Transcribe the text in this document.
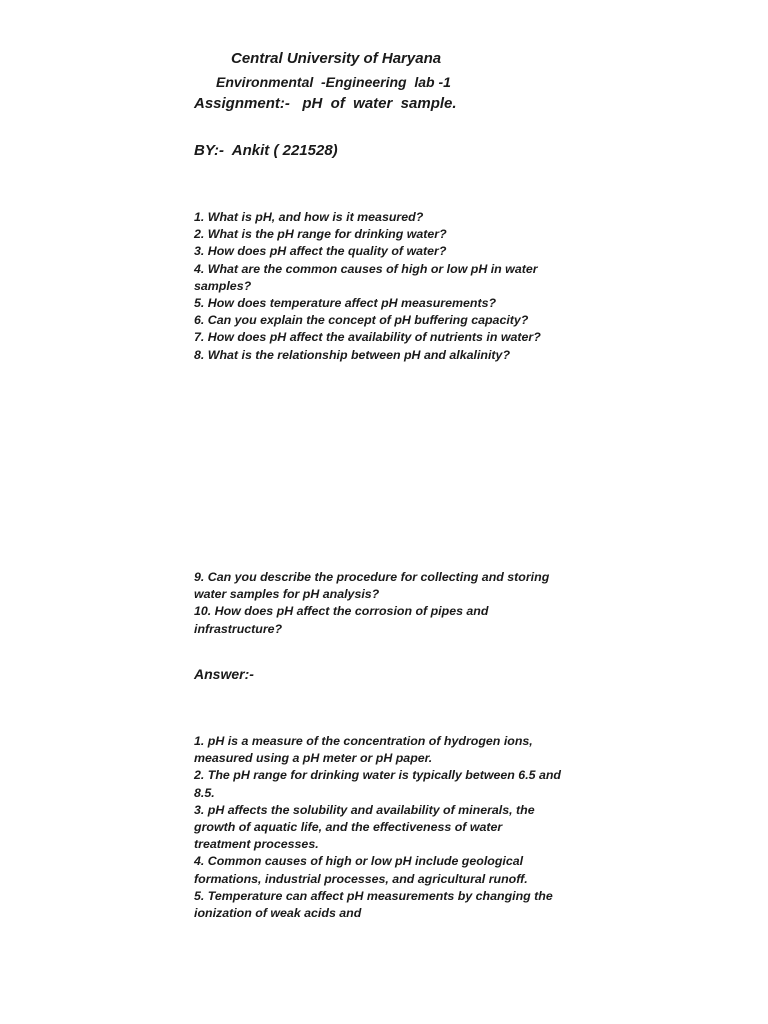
Central University of Haryana
Environmental  -Engineering  lab -1
Assignment:-   pH  of  water  sample.
BY:-  Ankit ( 221528)
1. What is pH, and how is it measured?
2. What is the pH range for drinking water?
3. How does pH affect the quality of water?
4. What are the common causes of high or low pH in water
samples?
5. How does temperature affect pH measurements?
6. Can you explain the concept of pH buffering capacity?
7. How does pH affect the availability of nutrients in water?
8. What is the relationship between pH and alkalinity?
9. Can you describe the procedure for collecting and storing
water samples for pH analysis?
10. How does pH affect the corrosion of pipes and
infrastructure?
Answer:-
1. pH is a measure of the concentration of hydrogen ions,
measured using a pH meter or pH paper.
2. The pH range for drinking water is typically between 6.5 and
8.5.
3. pH affects the solubility and availability of minerals, the
growth of aquatic life, and the effectiveness of water
treatment processes.
4. Common causes of high or low pH include geological
formations, industrial processes, and agricultural runoff.
5. Temperature can affect pH measurements by changing the
ionization of weak acids and
